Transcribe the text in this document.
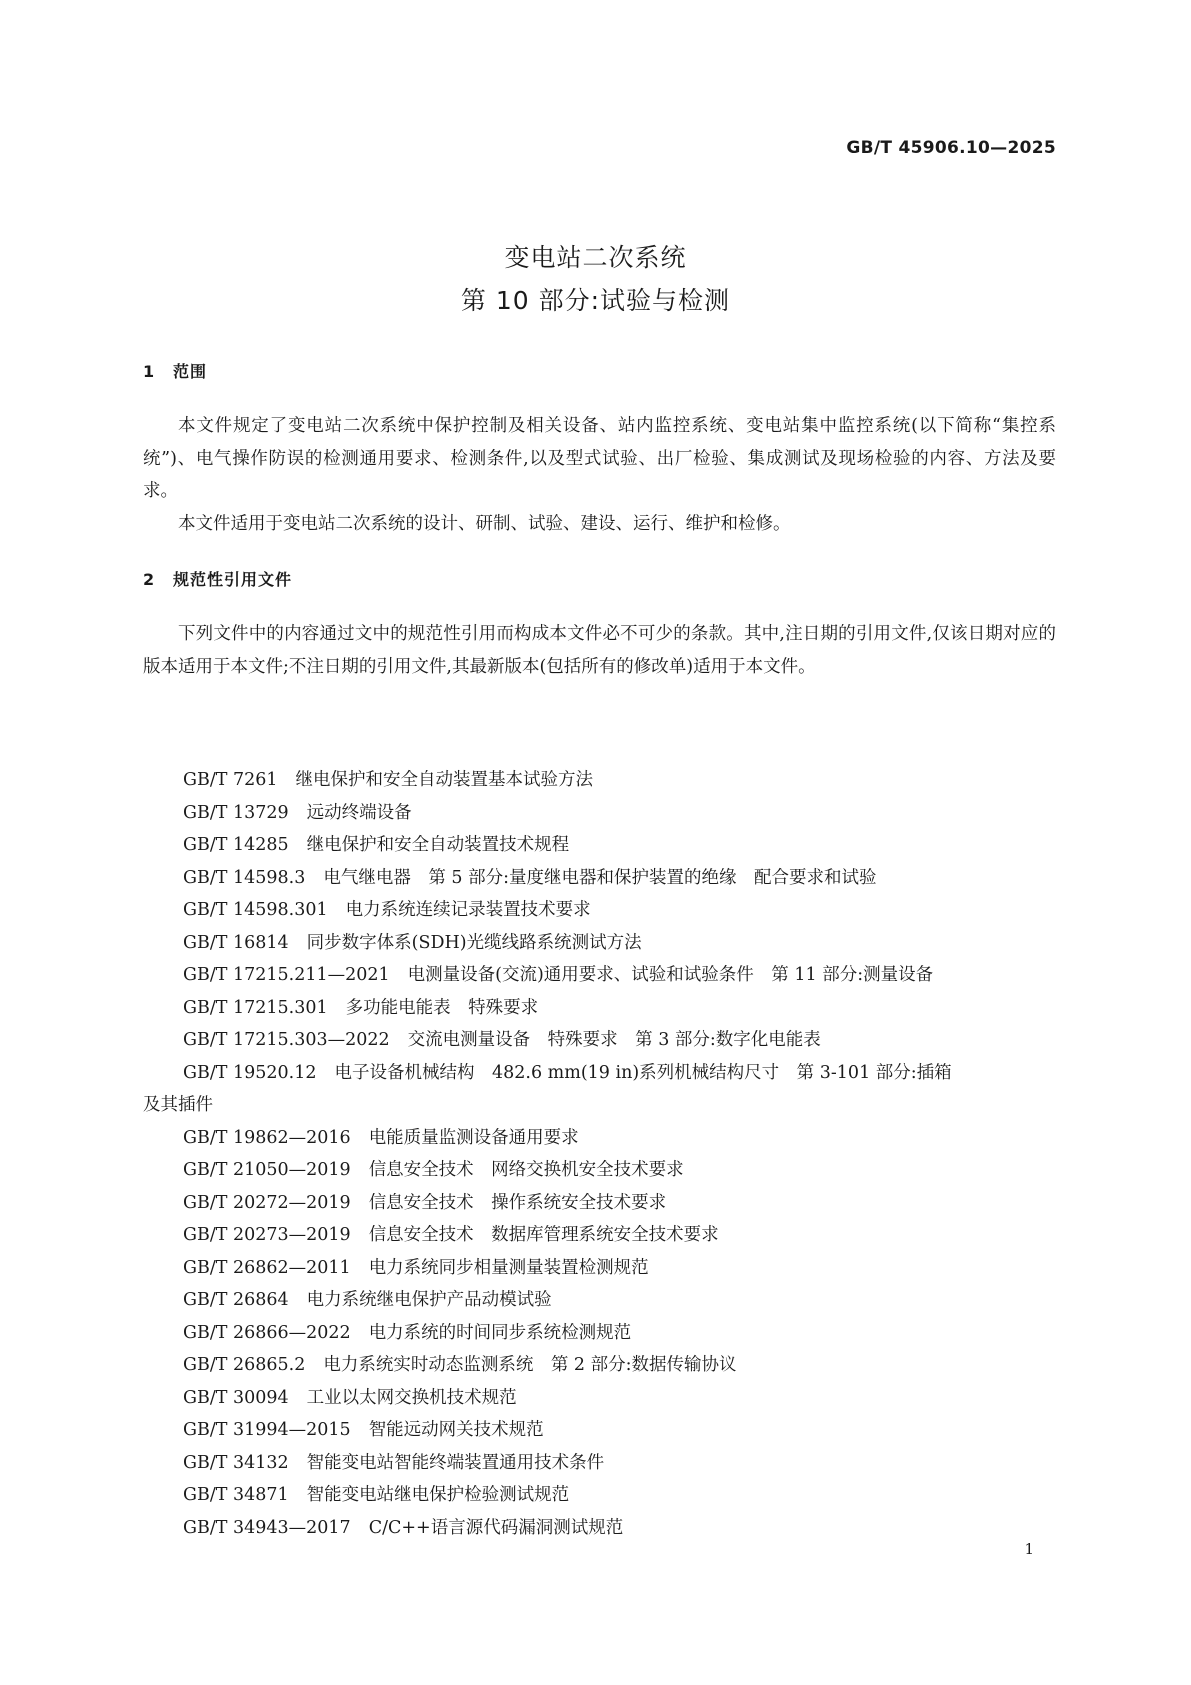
GB/T 45906.10—2025
变电站二次系统
第 10 部分:试验与检测
1 范围
本文件规定了变电站二次系统中保护控制及相关设备、站内监控系统、变电站集中监控系统(以下简称“集控系统”)、电气操作防误的检测通用要求、检测条件,以及型式试验、出厂检验、集成测试及现场检验的内容、方法及要求。
本文件适用于变电站二次系统的设计、研制、试验、建设、运行、维护和检修。
2 规范性引用文件
下列文件中的内容通过文中的规范性引用而构成本文件必不可少的条款。其中,注日期的引用文件,仅该日期对应的版本适用于本文件;不注日期的引用文件,其最新版本(包括所有的修改单)适用于本文件。
GB/T 7261 继电保护和安全自动装置基本试验方法
GB/T 13729 远动终端设备
GB/T 14285 继电保护和安全自动装置技术规程
GB/T 14598.3 电气继电器　第 5 部分:量度继电器和保护装置的绝缘　配合要求和试验
GB/T 14598.301 电力系统连续记录装置技术要求
GB/T 16814 同步数字体系(SDH)光缆线路系统测试方法
GB/T 17215.211—2021 电测量设备(交流)通用要求、试验和试验条件　第 11 部分:测量设备
GB/T 17215.301 多功能电能表　特殊要求
GB/T 17215.303—2022 交流电测量设备　特殊要求　第 3 部分:数字化电能表
GB/T 19520.12 电子设备机械结构　482.6 mm(19 in)系列机械结构尺寸　第 3-101 部分:插箱
及其插件
GB/T 19862—2016 电能质量监测设备通用要求
GB/T 21050—2019 信息安全技术　网络交换机安全技术要求
GB/T 20272—2019 信息安全技术　操作系统安全技术要求
GB/T 20273—2019 信息安全技术　数据库管理系统安全技术要求
GB/T 26862—2011 电力系统同步相量测量装置检测规范
GB/T 26864 电力系统继电保护产品动模试验
GB/T 26866—2022 电力系统的时间同步系统检测规范
GB/T 26865.2 电力系统实时动态监测系统　第 2 部分:数据传输协议
GB/T 30094 工业以太网交换机技术规范
GB/T 31994—2015 智能远动网关技术规范
GB/T 34132 智能变电站智能终端装置通用技术条件
GB/T 34871 智能变电站继电保护检验测试规范
GB/T 34943—2017 C/C++语言源代码漏洞测试规范
1
